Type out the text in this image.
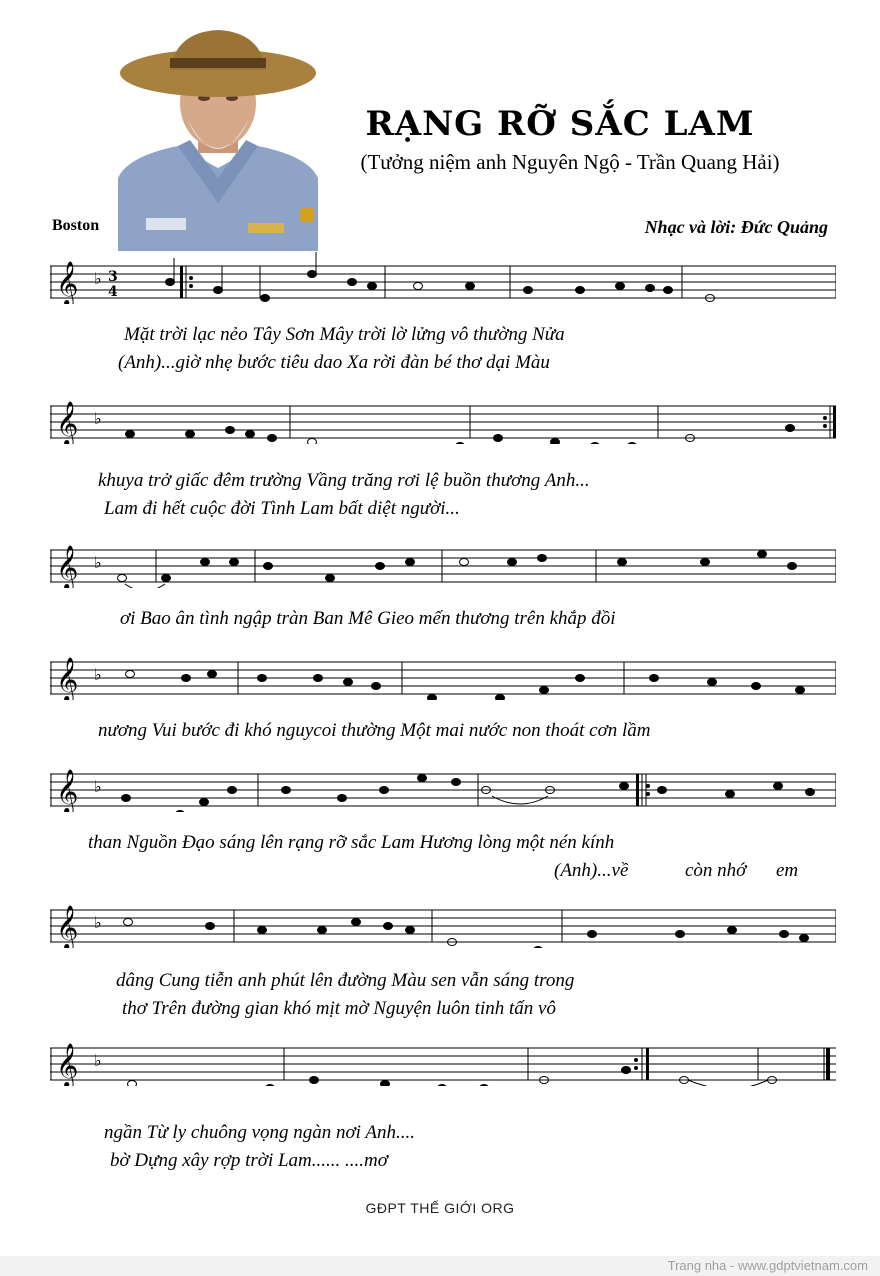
RẠNG RỠ SẮC LAM
(Tưởng niệm anh Nguyên Ngộ - Trần Quang Hải)
Boston	Nhạc và lời: Đức Quảng
𝄞 ♭ 3
4
Mặt trời lạc nẻo Tây Sơn Mây trời lờ lửng vô thường Nửa
(Anh)...giờ nhẹ bước tiêu dao Xa rời đàn bé thơ dại Màu
𝄞 ♭
khuya trở giấc đêm trường Vầng trăng rơi lệ buồn thương Anh...
Lam đi hết cuộc đời Tình Lam bất diệt người...
𝄞 ♭
ơi Bao ân tình ngập tràn Ban Mê Gieo mến thương trên khắp đồi
𝄞 ♭
nương Vui bước đi khó nguycoi thường Một mai nước non thoát cơn lầm
𝄞 ♭
than Nguồn Đạo sáng lên rạng rỡ sắc Lam Hương lòng một nén kính
(Anh)...về	còn nhớ em
𝄞 ♭
dâng Cung tiễn anh phút lên đường Màu sen vẫn sáng trong
thơ Trên đường gian khó mịt mờ Nguyện luôn tinh tấn vô
𝄞 ♭
ngần Từ ly chuông vọng ngàn nơi Anh....
bờ Dựng xây rợp trời Lam...... ....mơ
GĐPT THẾ GIỚI ORG
Trang nha - www.gdptvietnam.com
